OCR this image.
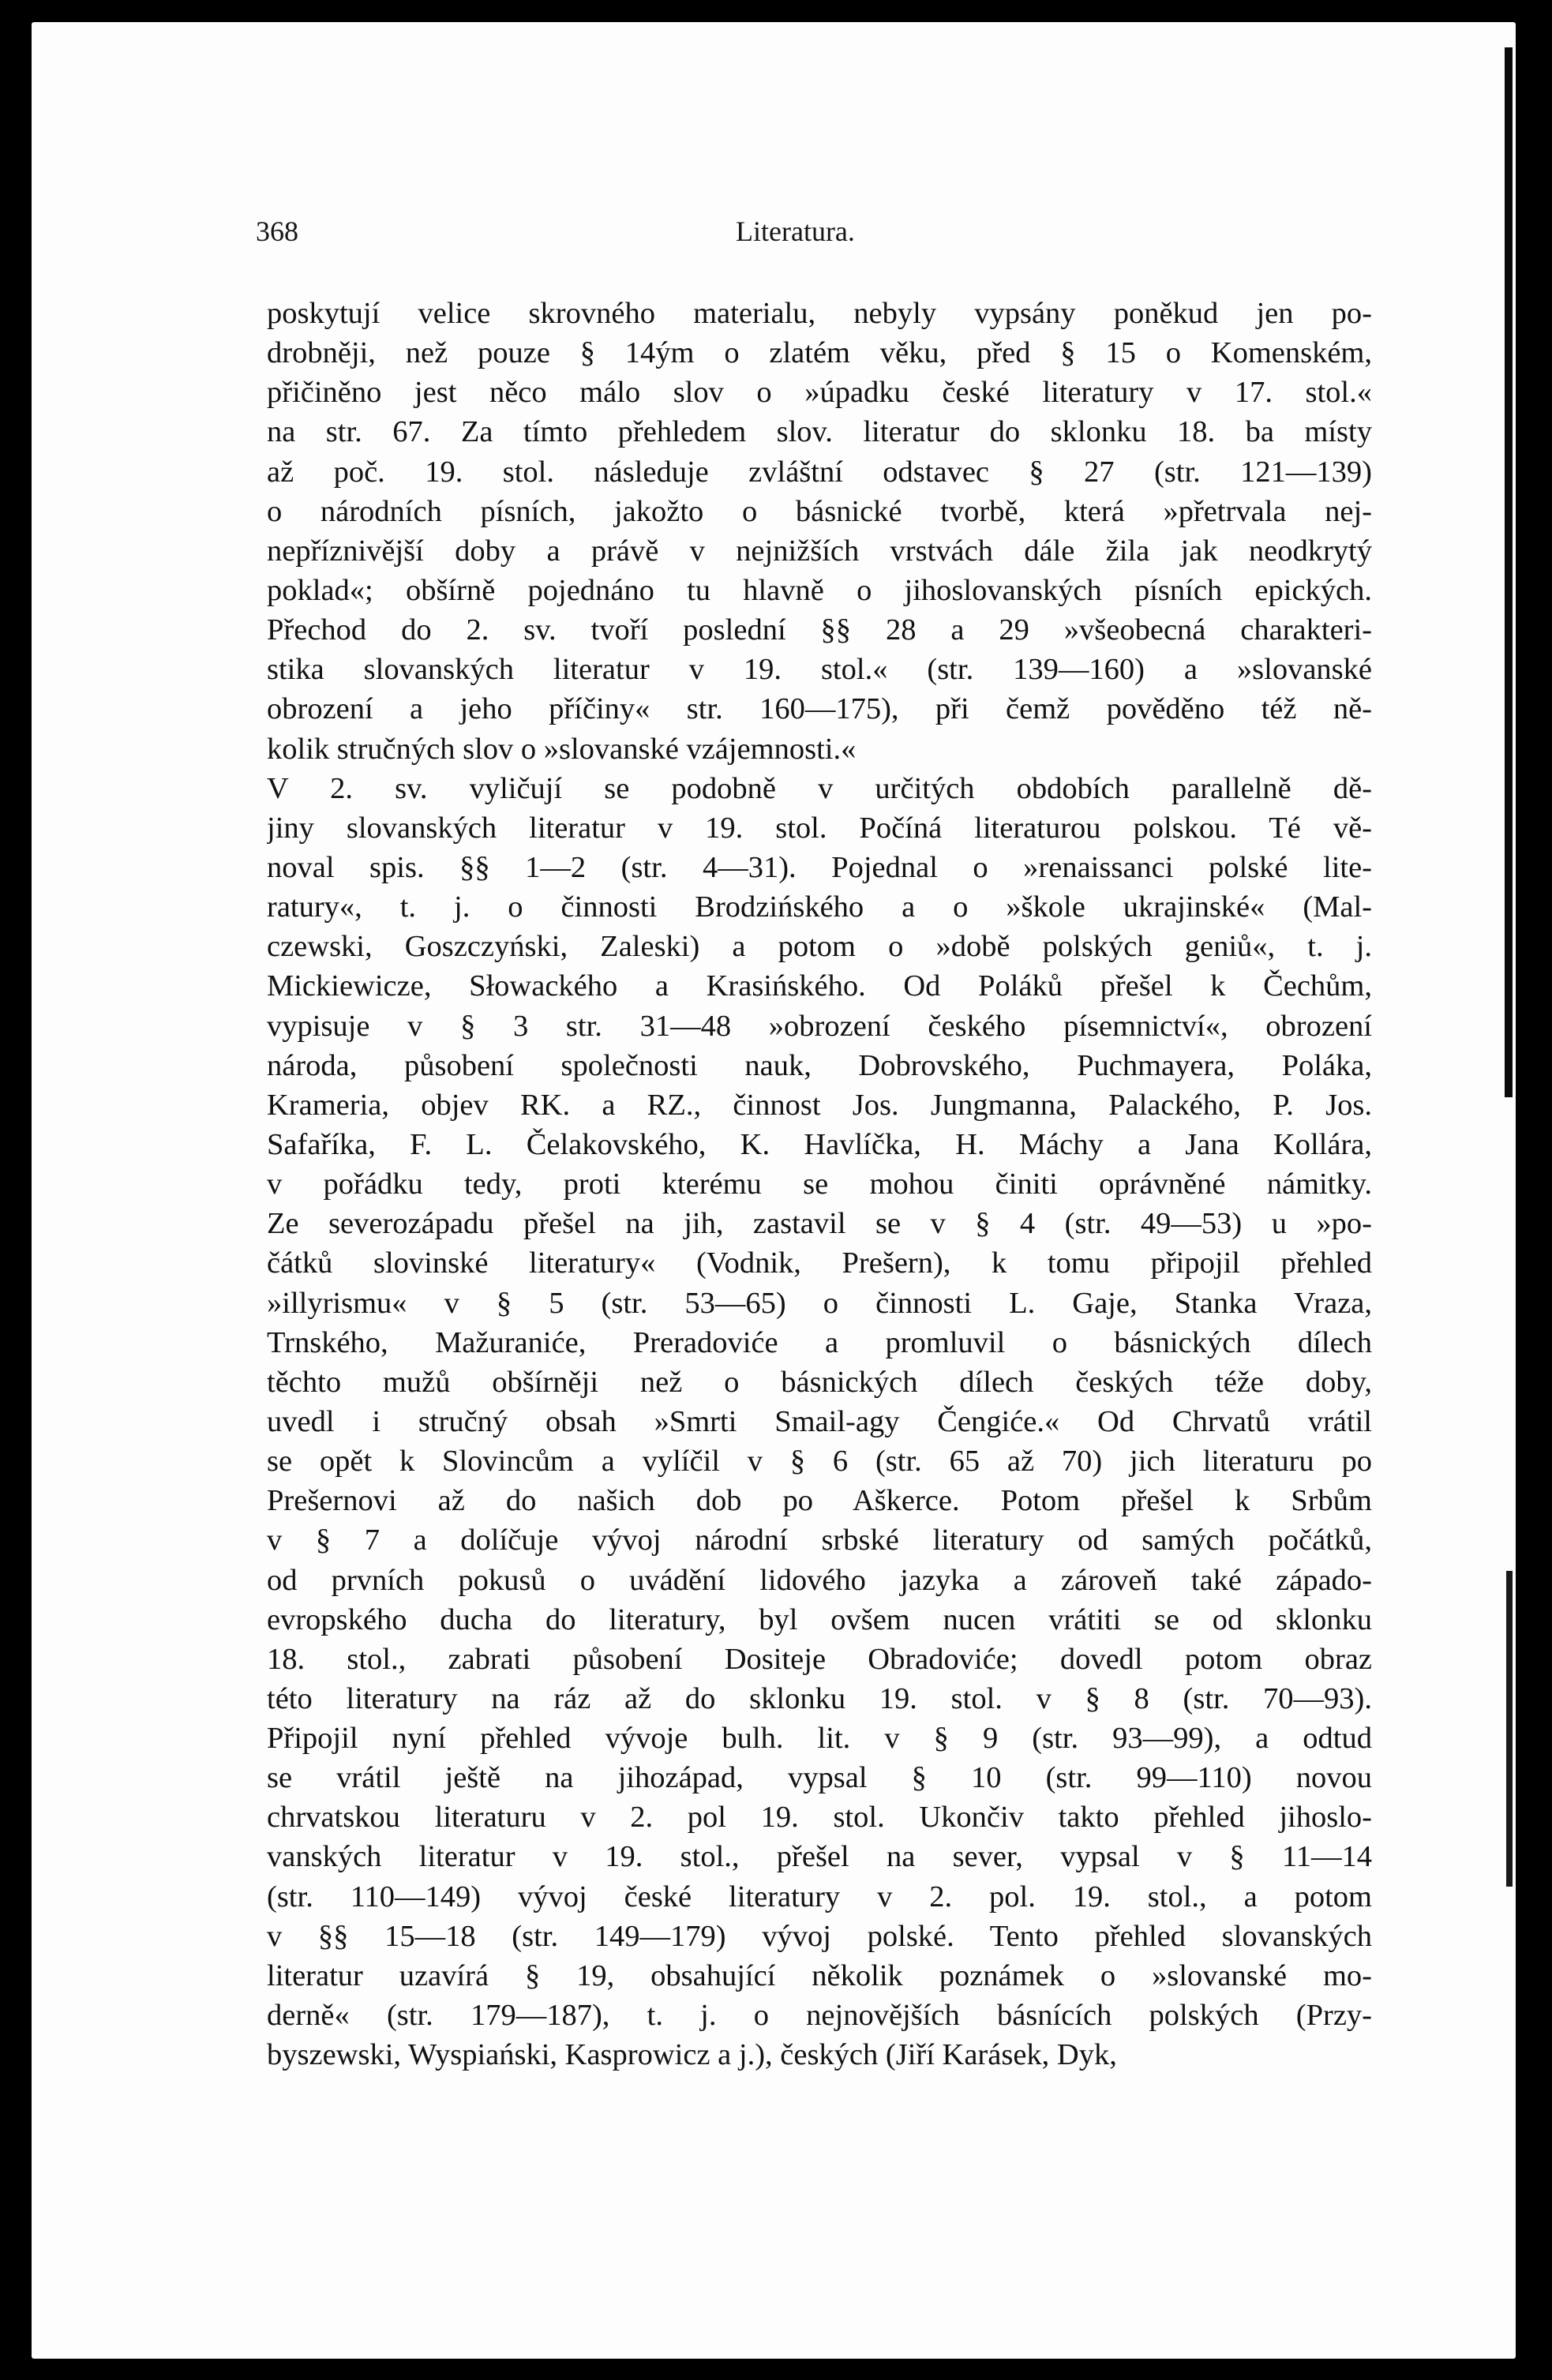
368	Literatura.
poskytují velice skrovného materialu, nebyly vypsány poněkud jen po-
drobněji, než pouze § 14ým o zlatém věku, před § 15 o Komenském,
přičiněno jest něco málo slov o »úpadku české literatury v 17. stol.«
na str. 67. Za tímto přehledem slov. literatur do sklonku 18. ba místy
až poč. 19. stol. následuje zvláštní odstavec § 27 (str. 121—139)
o národních písních, jakožto o básnické tvorbě, která »přetrvala nej-
nepříznivější doby a právě v nejnižších vrstvách dále žila jak neodkrytý
poklad«; obšírně pojednáno tu hlavně o jihoslovanských písních epických.
Přechod do 2. sv. tvoří poslední §§ 28 a 29 »všeobecná charakteri-
stika slovanských literatur v 19. stol.« (str. 139—160) a »slovanské
obrození a jeho příčiny« str. 160—175), při čemž pověděno též ně-
kolik stručných slov o »slovanské vzájemnosti.«
V 2. sv. vyličují se podobně v určitých obdobích parallelně dě-
jiny slovanských literatur v 19. stol. Počíná literaturou polskou. Té vě-
noval spis. §§ 1—2 (str. 4—31). Pojednal o »renaissanci polské lite-
ratury«, t. j. o činnosti Brodzińského a o »škole ukrajinské« (Mal-
czewski, Goszczyński, Zaleski) a potom o »době polských geniů«, t. j.
Mickiewicze, Słowackého a Krasińského. Od Poláků přešel k Čechům,
vypisuje v § 3 str. 31—48 »obrození českého písemnictví«, obrození
národa, působení společnosti nauk, Dobrovského, Puchmayera, Poláka,
Krameria, objev RK. a RZ., činnost Jos. Jungmanna, Palackého, P. Jos.
Safaříka, F. L. Čelakovského, K. Havlíčka, H. Máchy a Jana Kollára,
v pořádku tedy, proti kterému se mohou činiti oprávněné námitky.
Ze severozápadu přešel na jih, zastavil se v § 4 (str. 49—53) u »po-
čátků slovinské literatury« (Vodnik, Prešern), k tomu připojil přehled
»illyrismu« v § 5 (str. 53—65) o činnosti L. Gaje, Stanka Vraza,
Trnského, Mažuraniće, Preradoviće a promluvil o básnických dílech
těchto mužů obšírněji než o básnických dílech českých téže doby,
uvedl i stručný obsah »Smrti Smail-agy Čengiće.« Od Chrvatů vrátil
se opět k Slovincům a vylíčil v § 6 (str. 65 až 70) jich literaturu po
Prešernovi až do našich dob po Aškerce. Potom přešel k Srbům
v § 7 a dolíčuje vývoj národní srbské literatury od samých počátků,
od prvních pokusů o uvádění lidového jazyka a zároveň také západo-
evropského ducha do literatury, byl ovšem nucen vrátiti se od sklonku
18. stol., zabrati působení Dositeje Obradoviće; dovedl potom obraz
této literatury na ráz až do sklonku 19. stol. v § 8 (str. 70—93).
Připojil nyní přehled vývoje bulh. lit. v § 9 (str. 93—99), a odtud
se vrátil ještě na jihozápad, vypsal § 10 (str. 99—110) novou
chrvatskou literaturu v 2. pol 19. stol. Ukončiv takto přehled jihoslo-
vanských literatur v 19. stol., přešel na sever, vypsal v § 11—14
(str. 110—149) vývoj české literatury v 2. pol. 19. stol., a potom
v §§ 15—18 (str. 149—179) vývoj polské. Tento přehled slovanských
literatur uzavírá § 19, obsahující několik poznámek o »slovanské mo-
derně« (str. 179—187), t. j. o nejnovějších básnících polských (Przy-
byszewski, Wyspiański, Kasprowicz a j.), českých (Jiří Karásek, Dyk,
